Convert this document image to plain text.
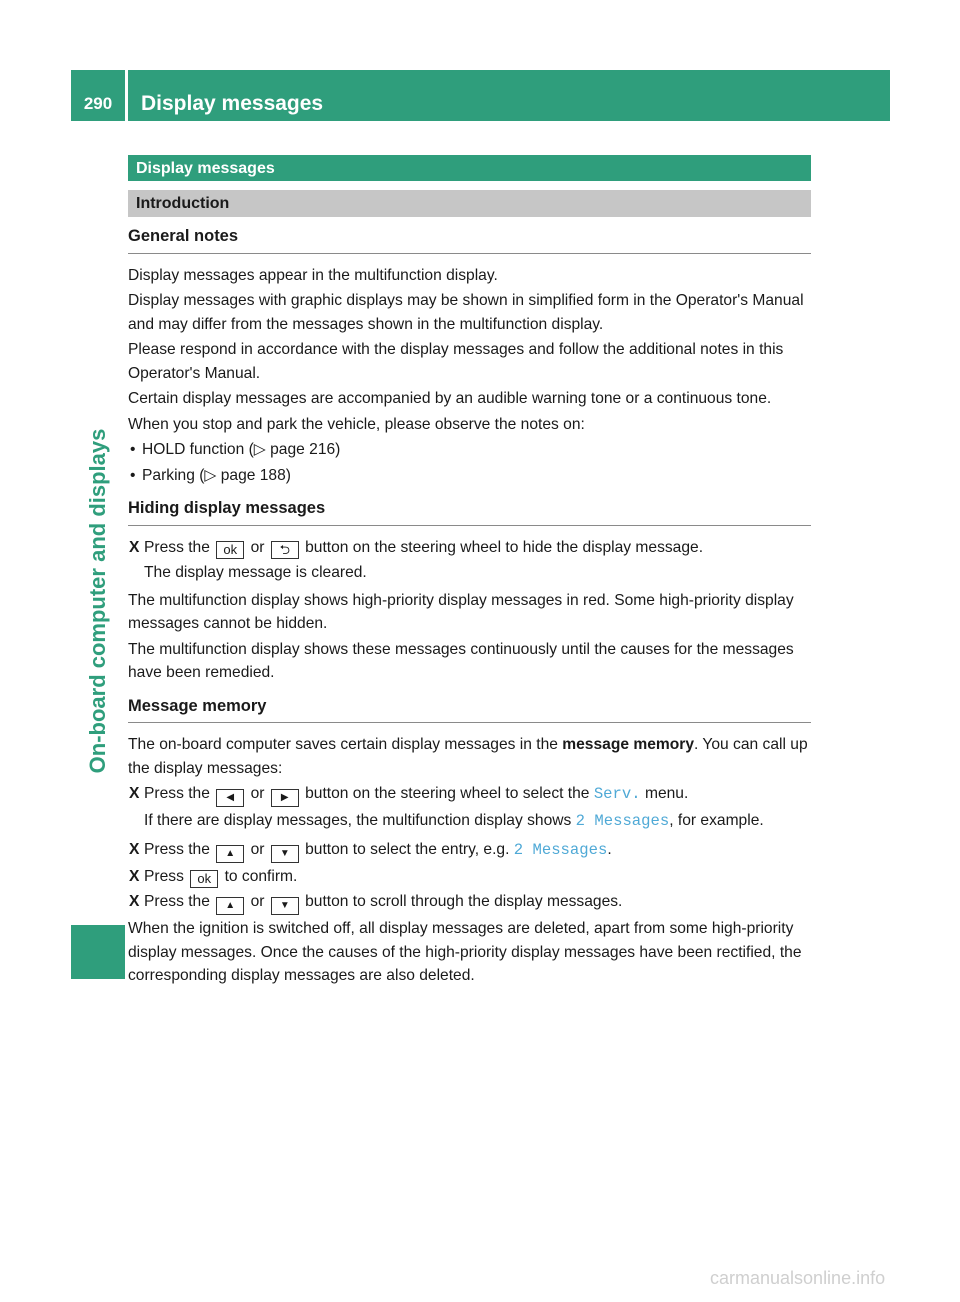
290	Display messages
On-board computer and displays
Display messages
Introduction
General notes

Display messages appear in the multifunction display.

Display messages with graphic displays may be shown in simplified form in the Operator's Manual and may differ from the messages shown in the multifunction display.

Please respond in accordance with the display messages and follow the additional notes in this Operator's Manual.

Certain display messages are accompanied by an audible warning tone or a continuous tone.

When you stop and park the vehicle, please observe the notes on:

• HOLD function (▷ page 216)
• Parking (▷ page 188)
Hiding display messages
X Press the ok or ⮌ button on the steering wheel to hide the display message.
The display message is cleared.

The multifunction display shows high-priority display messages in red. Some high-priority display messages cannot be hidden.

The multifunction display shows these messages continuously until the causes for the messages have been remedied.

Message memory

The on-board computer saves certain display messages in the message memory. You can call up the display messages:

X Press the ◀ or ▶ button on the steering wheel to select the Serv. menu.
If there are display messages, the multifunction display shows 2 Messages, for example.
X Press the ▲ or ▼ button to select the entry, e.g. 2 Messages.
X Press ok to confirm.
X Press the ▲ or ▼ button to scroll through the display messages.

When the ignition is switched off, all display messages are deleted, apart from some high-priority display messages. Once the causes of the high-priority display messages have been rectified, the corresponding display messages are also deleted.

carmanualsonline.info
